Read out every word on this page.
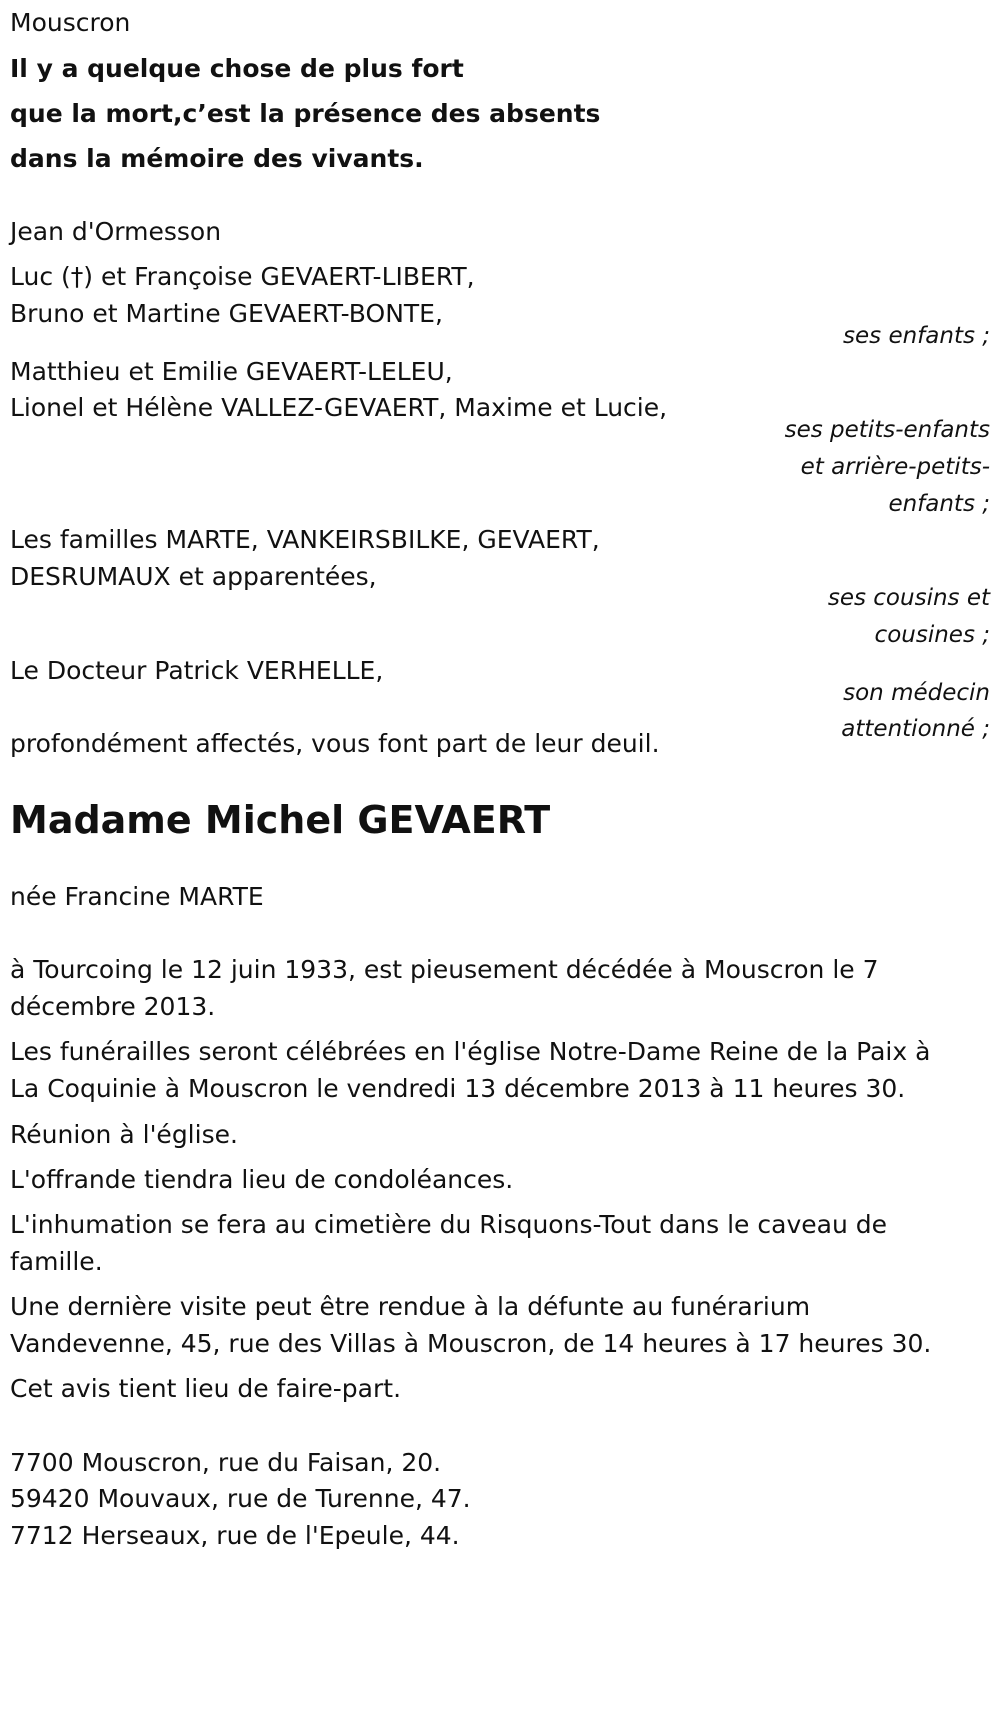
Mouscron
Il y a quelque chose de plus fort
que la mort,c’est la présence des absents
dans la mémoire des vivants.
Jean d'Ormesson
Luc (†) et Françoise GEVAERT-LIBERT,
Bruno et Martine GEVAERT-BONTE,
ses enfants ;
Matthieu et Emilie GEVAERT-LELEU,
Lionel et Hélène VALLEZ-GEVAERT, Maxime et Lucie,
ses petits-enfants
et arrière-petits-
enfants ;
Les familles MARTE, VANKEIRSBILKE, GEVAERT,
DESRUMAUX et apparentées,
ses cousins et
cousines ;
Le Docteur Patrick VERHELLE,
son médecin
attentionné ;
profondément affectés, vous font part de leur deuil.
Madame Michel GEVAERT
née Francine MARTE
à Tourcoing le 12 juin 1933, est pieusement décédée à Mouscron le 7
décembre 2013.
Les funérailles seront célébrées en l'église Notre-Dame Reine de la Paix à
La Coquinie à Mouscron le vendredi 13 décembre 2013 à 11 heures 30.
Réunion à l'église.
L'offrande tiendra lieu de condoléances.
L'inhumation se fera au cimetière du Risquons-Tout dans le caveau de
famille.
Une dernière visite peut être rendue à la défunte au funérarium
Vandevenne, 45, rue des Villas à Mouscron, de 14 heures à 17 heures 30.
Cet avis tient lieu de faire-part.
7700 Mouscron, rue du Faisan, 20.
59420 Mouvaux, rue de Turenne, 47.
7712 Herseaux, rue de l'Epeule, 44.
